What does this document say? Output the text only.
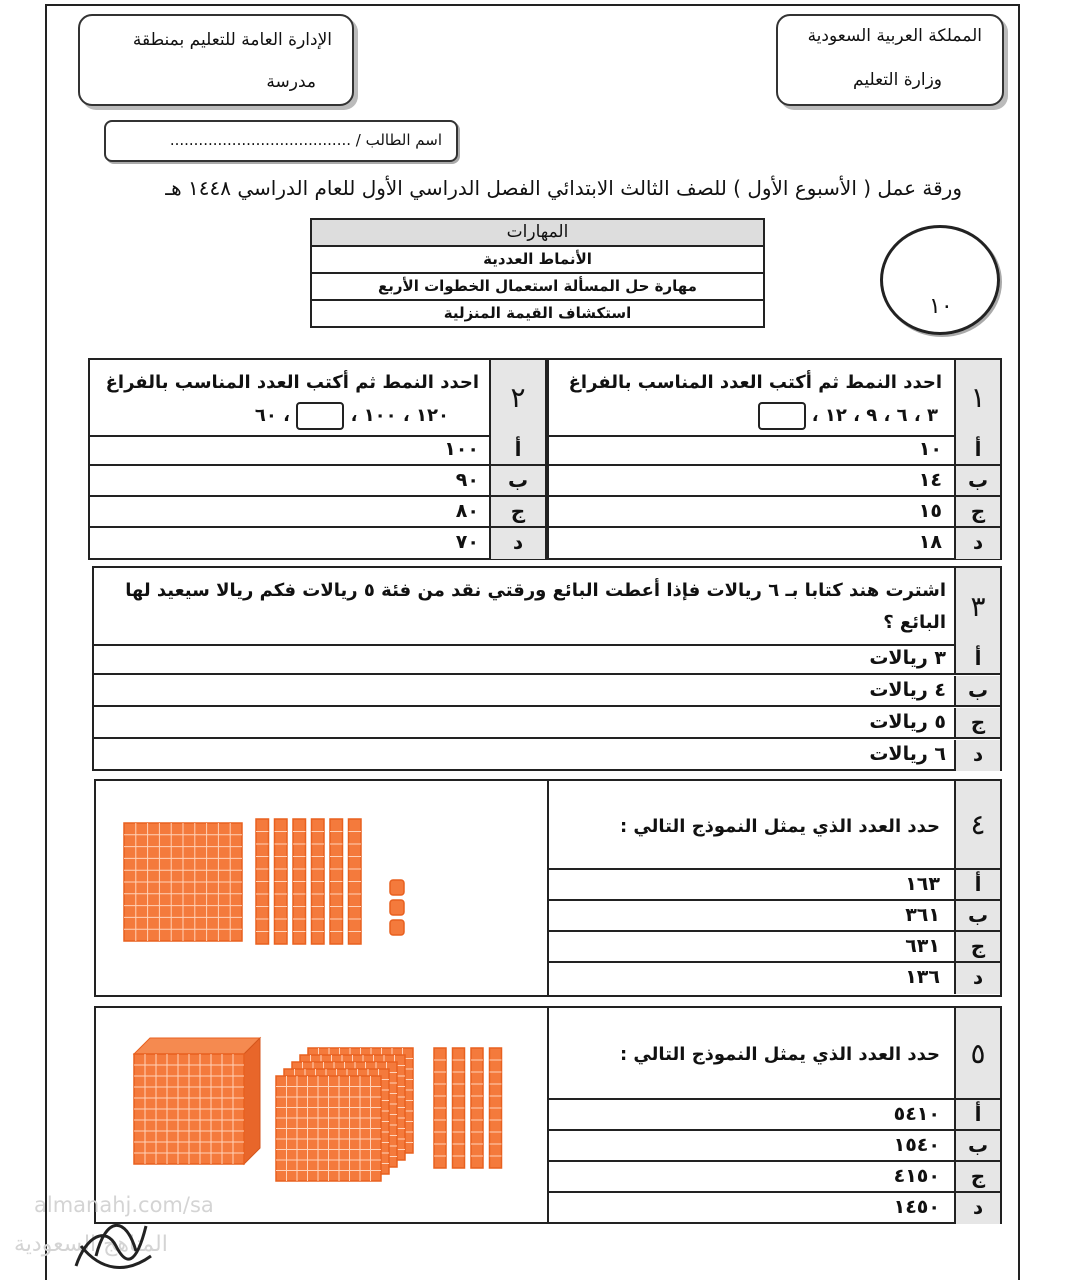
المملكة العربية السعودية
وزارة التعليم
الإدارة العامة للتعليم بمنطقة
مدرسة
اسم الطالب / ......................................
ورقة عمل ( الأسبوع الأول ) للصف الثالث الابتدائي الفصل الدراسي الأول للعام الدراسي ١٤٤٨ هـ
المهارات
الأنماط العددية
مهارة حل المسألة استعمال الخطوات الأربع
استكشاف القيمة المنزلية	١٠
١
احدد النمط ثم أكتب العدد المناسب بالفراغ
٣ ، ٦ ، ٩ ، ١٢ ،
أ
١٠
ب
١٤
ج
١٥
د
١٨
٢
احدد النمط ثم أكتب العدد المناسب بالفراغ
١٢٠ ، ١٠٠ ،  ، ٦٠
أ
١٠٠
ب
٩٠
ج
٨٠
د
٧٠
٣
اشترت هند كتابا بـ ٦ ريالات فإذا أعطت البائع ورقتي نقد من فئة ٥ ريالات فكم ريالا سيعيد لها
البائع ؟
أ
٣ ريالات
ب
٤ ريالات
ج
٥ ريالات
د
٦ ريالات
٤
حدد العدد الذي يمثل النموذج التالي :
أ
١٦٣
ب
٣٦١
ج
٦٣١
د
١٣٦
٥
حدد العدد الذي يمثل النموذج التالي :
أ
٥٤١٠
ب
١٥٤٠
ج
٤١٥٠
د
١٤٥٠
almanahj.com/sa
المناهج السعودية
